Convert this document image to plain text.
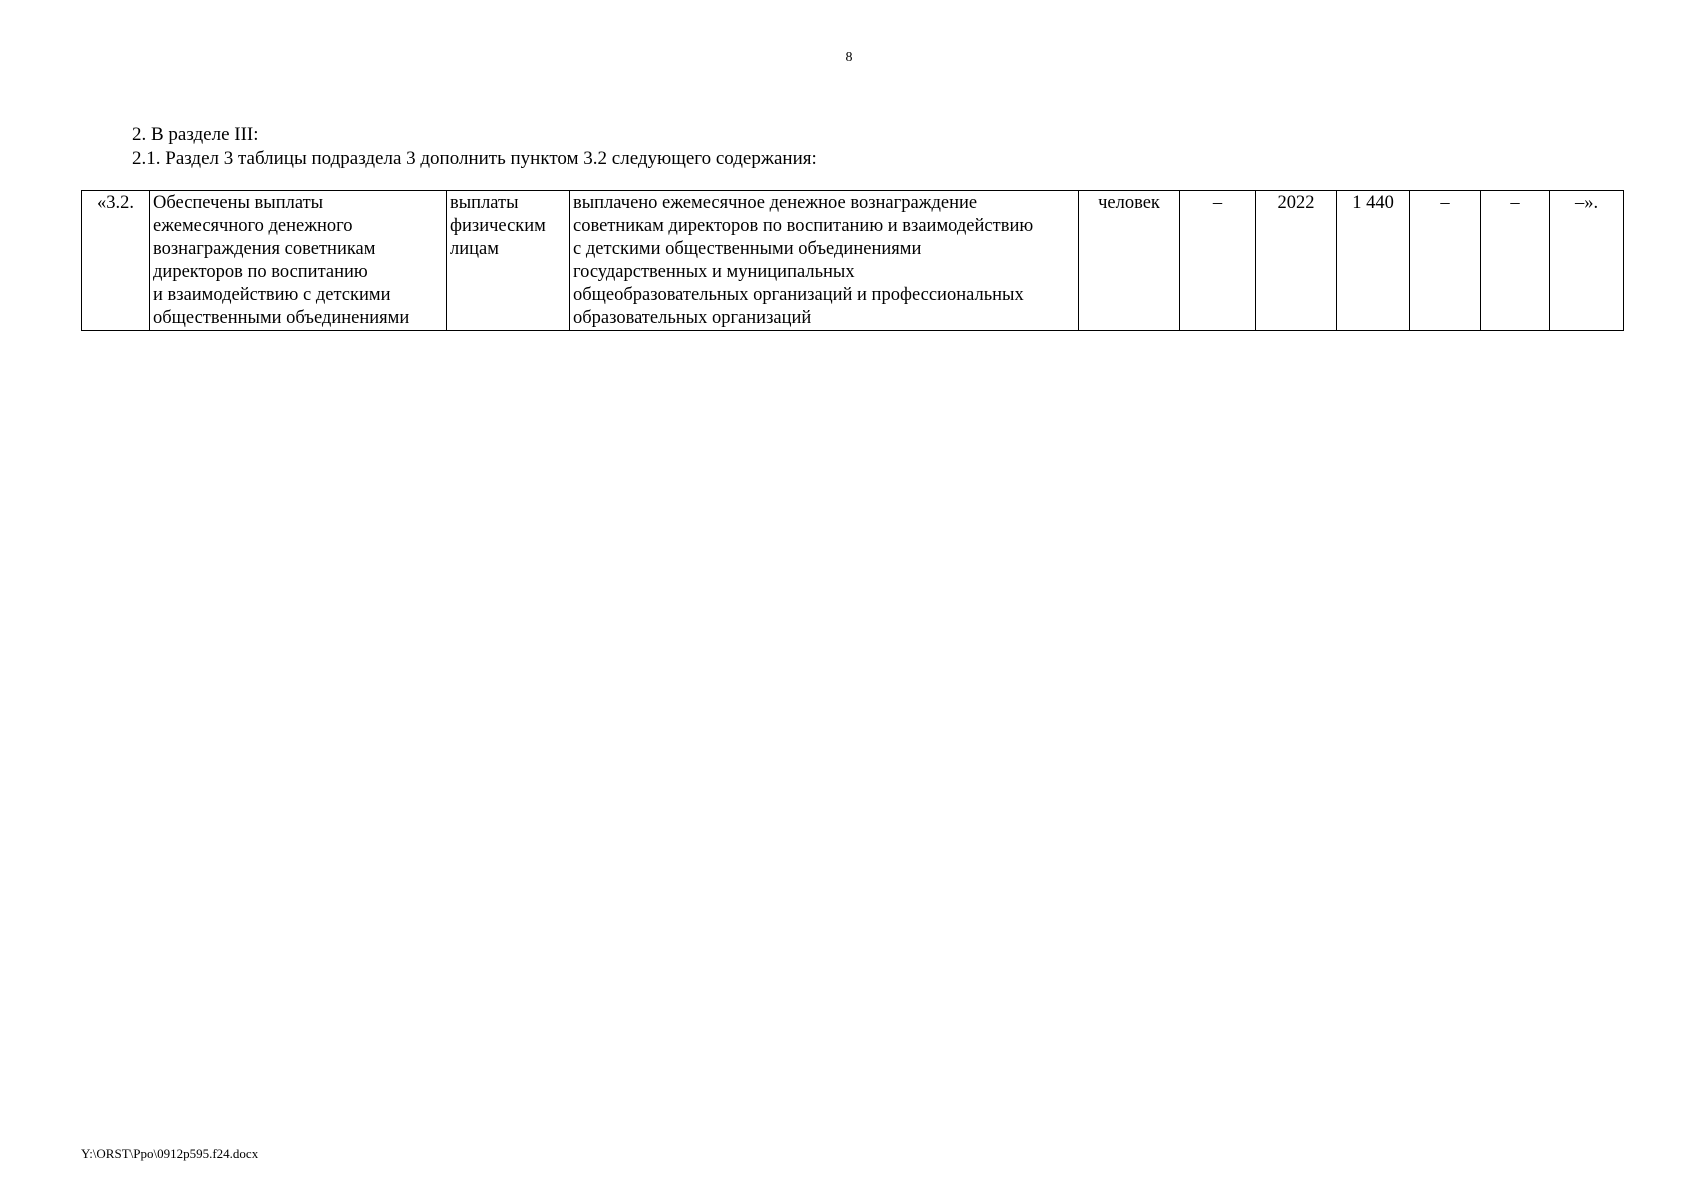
8
2. В разделе III:
2.1. Раздел 3 таблицы подраздела 3 дополнить пунктом 3.2 следующего содержания:
«3.2.	Обеспечены выплаты
ежемесячного денежного
вознаграждения советникам
директоров по воспитанию
и взаимодействию с детскими
общественными объединениями	выплаты
физическим
лицам	выплачено ежемесячное денежное вознаграждение
советникам директоров по воспитанию и взаимодействию
с детскими общественными объединениями
государственных и муниципальных
общеобразовательных организаций и профессиональных
образовательных организаций	человек	–	2022	1 440	–	–	–».
Y:\ORST\Ppo\0912p595.f24.docx
